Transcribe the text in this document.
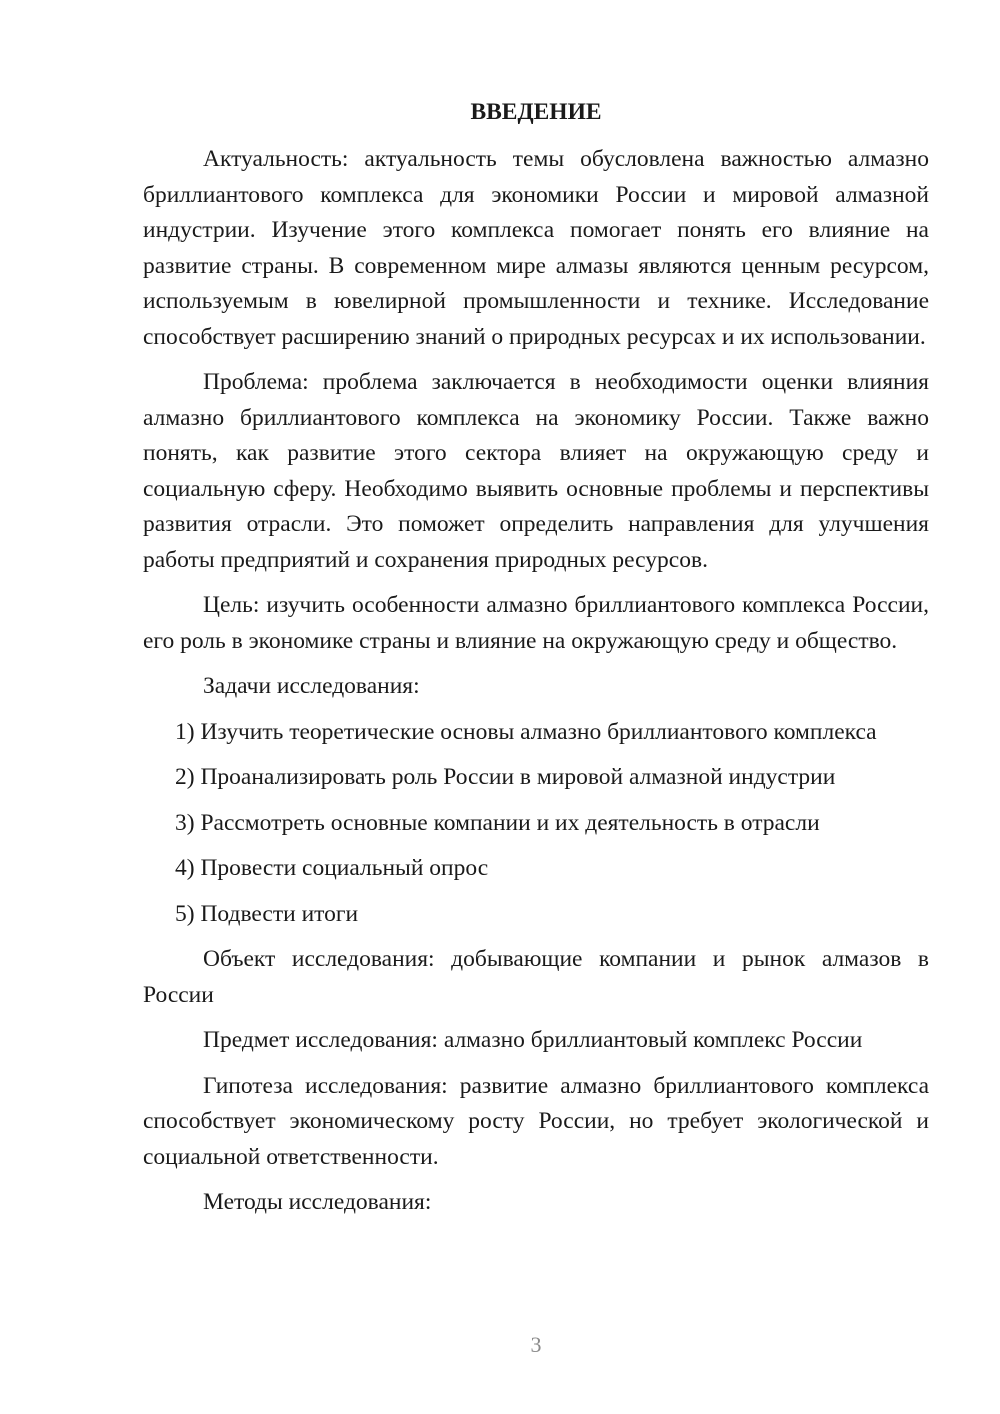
ВВЕДЕНИЕ

Актуальность: актуальность темы обусловлена важностью алмазно бриллиантового комплекса для экономики России и мировой алмазной индустрии. Изучение этого комплекса помогает понять его влияние на развитие страны. В современном мире алмазы являются ценным ресурсом, используемым в ювелирной промышленности и технике. Исследование способствует расширению знаний о природных ресурсах и их использовании.

Проблема: проблема заключается в необходимости оценки влияния алмазно бриллиантового комплекса на экономику России. Также важно понять, как развитие этого сектора влияет на окружающую среду и социальную сферу. Необходимо выявить основные проблемы и перспективы развития отрасли. Это поможет определить направления для улучшения работы предприятий и сохранения природных ресурсов.

Цель: изучить особенности алмазно бриллиантового комплекса России, его роль в экономике страны и влияние на окружающую среду и общество.

Задачи исследования:
1) Изучить теоретические основы алмазно бриллиантового комплекса
2) Проанализировать роль России в мировой алмазной индустрии
3) Рассмотреть основные компании и их деятельность в отрасли
4) Провести социальный опрос
5) Подвести итоги

Объект исследования: добывающие компании и рынок алмазов в России

Предмет исследования: алмазно бриллиантовый комплекс России

Гипотеза исследования: развитие алмазно бриллиантового комплекса способствует экономическому росту России, но требует экологической и социальной ответственности.

Методы исследования:
3
